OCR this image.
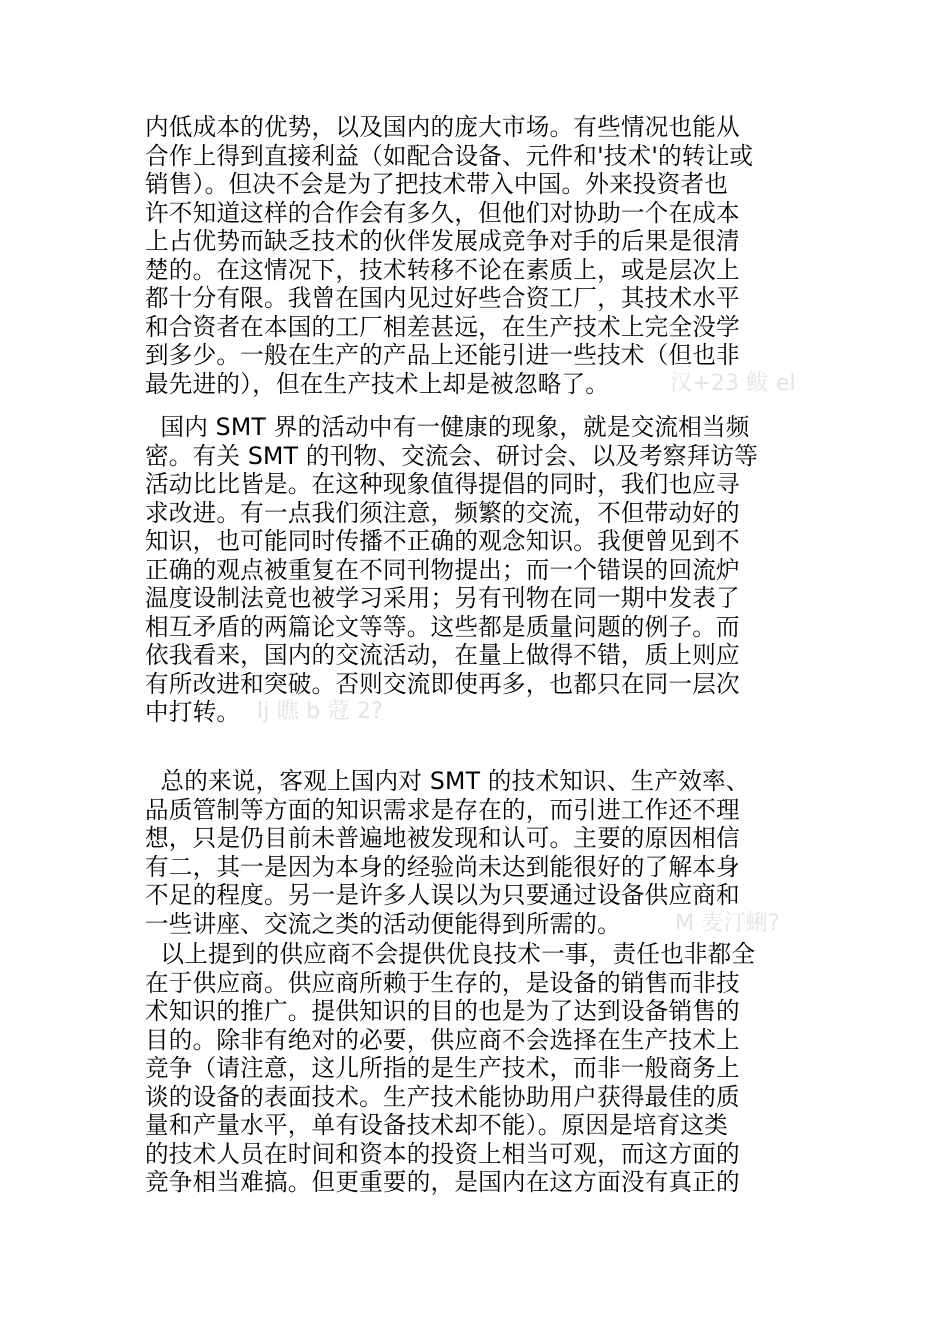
内低成本的优势，以及国内的庞大市场。有些情况也能从
合作上得到直接利益（如配合设备、元件和'技术'的转让或
销售）。但决不会是为了把技术带入中国。外来投资者也
许不知道这样的合作会有多久，但他们对协助一个在成本
上占优势而缺乏技术的伙伴发展成竞争对手的后果是很清
楚的。在这情况下，技术转移不论在素质上，或是层次上
都十分有限。我曾在国内见过好些合资工厂，其技术水平
和合资者在本国的工厂相差甚远，在生产技术上完全没学
到多少。一般在生产的产品上还能引进一些技术（但也非
最先进的），但在生产技术上却是被忽略了。	汉+23 鲅 el
国内 SMT 界的活动中有一健康的现象，就是交流相当频
密。有关 SMT 的刊物、交流会、研讨会、以及考察拜访等
活动比比皆是。在这种现象值得提倡的同时，我们也应寻
求改进。有一点我们须注意，频繁的交流，不但带动好的
知识，也可能同时传播不正确的观念知识。我便曾见到不
正确的观点被重复在不同刊物提出；而一个错误的回流炉
温度设制法竟也被学习采用；另有刊物在同一期中发表了
相互矛盾的两篇论文等等。这些都是质量问题的例子。而
依我看来，国内的交流活动，在量上做得不错，质上则应
有所改进和突破。否则交流即使再多，也都只在同一层次
中打转。 lj 瞧 b 蒄 2?
总的来说，客观上国内对 SMT 的技术知识、生产效率、
品质管制等方面的知识需求是存在的，而引进工作还不理
想，只是仍目前未普遍地被发现和认可。主要的原因相信
有二，其一是因为本身的经验尚未达到能很好的了解本身
不足的程度。另一是许多人误以为只要通过设备供应商和
一些讲座、交流之类的活动便能得到所需的。 M 麦汀蜊?
以上提到的供应商不会提供优良技术一事，责任也非都全
在于供应商。供应商所赖于生存的，是设备的销售而非技
术知识的推广。提供知识的目的也是为了达到设备销售的
目的。除非有绝对的必要，供应商不会选择在生产技术上
竞争（请注意，这儿所指的是生产技术，而非一般商务上
谈的设备的表面技术。生产技术能协助用户获得最佳的质
量和产量水平，单有设备技术却不能）。原因是培育这类
的技术人员在时间和资本的投资上相当可观，而这方面的
竞争相当难搞。但更重要的，是国内在这方面没有真正的
